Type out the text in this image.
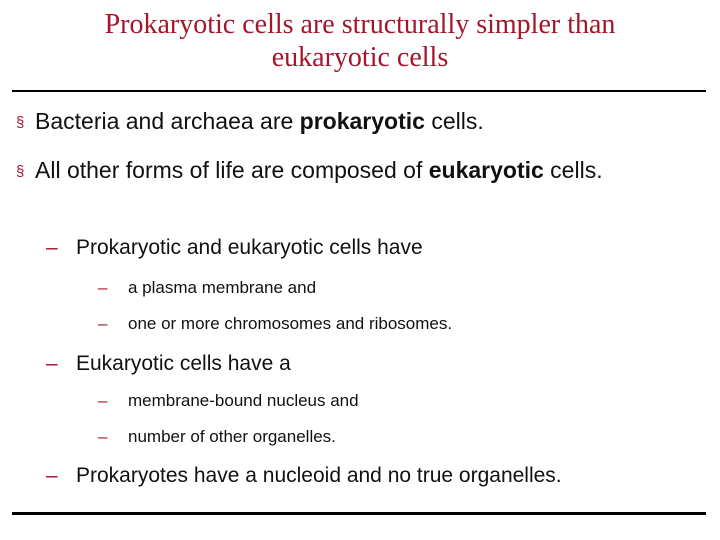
Prokaryotic cells are structurally simpler than
eukaryotic cells
§ Bacteria and archaea are prokaryotic cells.
§ All other forms of life are composed of eukaryotic cells.
– Prokaryotic and eukaryotic cells have
– a plasma membrane and
– one or more chromosomes and ribosomes.
– Eukaryotic cells have a
– membrane-bound nucleus and
– number of other organelles.
– Prokaryotes have a nucleoid and no true organelles.
